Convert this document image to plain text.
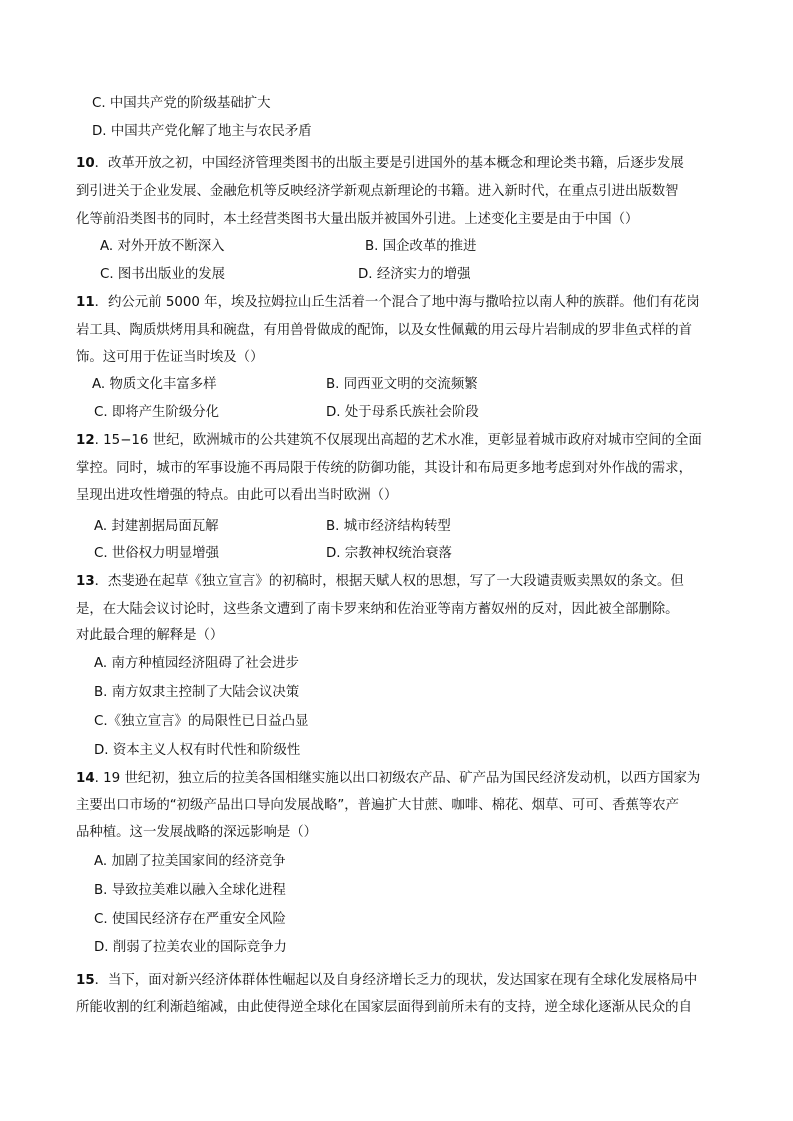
C. 中国共产党的阶级基础扩大
D. 中国共产党化解了地主与农民矛盾
10．改革开放之初，中国经济管理类图书的出版主要是引进国外的基本概念和理论类书籍，后逐步发展
到引进关于企业发展、金融危机等反映经济学新观点新理论的书籍。进入新时代，在重点引进出版数智
化等前沿类图书的同时，本土经营类图书大量出版并被国外引进。上述变化主要是由于中国（）
A. 对外开放不断深入	B. 国企改革的推进
C. 图书出版业的发展	D. 经济实力的增强
11．约公元前 5000 年，埃及拉姆拉山丘生活着一个混合了地中海与撒哈拉以南人种的族群。他们有花岗
岩工具、陶质烘烤用具和碗盘，有用兽骨做成的配饰，以及女性佩戴的用云母片岩制成的罗非鱼式样的首
饰。这可用于佐证当时埃及（）
A. 物质文化丰富多样	B. 同西亚文明的交流频繁
C. 即将产生阶级分化	D. 处于母系氏族社会阶段
12. 15−16 世纪，欧洲城市的公共建筑不仅展现出高超的艺术水准，更彰显着城市政府对城市空间的全面
掌控。同时，城市的军事设施不再局限于传统的防御功能，其设计和布局更多地考虑到对外作战的需求，
呈现出进攻性增强的特点。由此可以看出当时欧洲（）
A. 封建割据局面瓦解	B. 城市经济结构转型
C. 世俗权力明显增强	D. 宗教神权统治衰落
13．杰斐逊在起草《独立宣言》的初稿时，根据天赋人权的思想，写了一大段谴责贩卖黑奴的条文。但
是，在大陆会议讨论时，这些条文遭到了南卡罗来纳和佐治亚等南方蓄奴州的反对，因此被全部删除。
对此最合理的解释是（）
A. 南方种植园经济阻碍了社会进步
B. 南方奴隶主控制了大陆会议决策
C.《独立宣言》的局限性已日益凸显
D. 资本主义人权有时代性和阶级性
14. 19 世纪初，独立后的拉美各国相继实施以出口初级农产品、矿产品为国民经济发动机，以西方国家为
主要出口市场的“初级产品出口导向发展战略”，普遍扩大甘蔗、咖啡、棉花、烟草、可可、香蕉等农产
品种植。这一发展战略的深远影响是（）
A. 加剧了拉美国家间的经济竞争
B. 导致拉美难以融入全球化进程
C. 使国民经济存在严重安全风险
D. 削弱了拉美农业的国际竞争力
15．当下，面对新兴经济体群体性崛起以及自身经济增长乏力的现状，发达国家在现有全球化发展格局中
所能收割的红利渐趋缩减，由此使得逆全球化在国家层面得到前所未有的支持，逆全球化逐渐从民众的自
